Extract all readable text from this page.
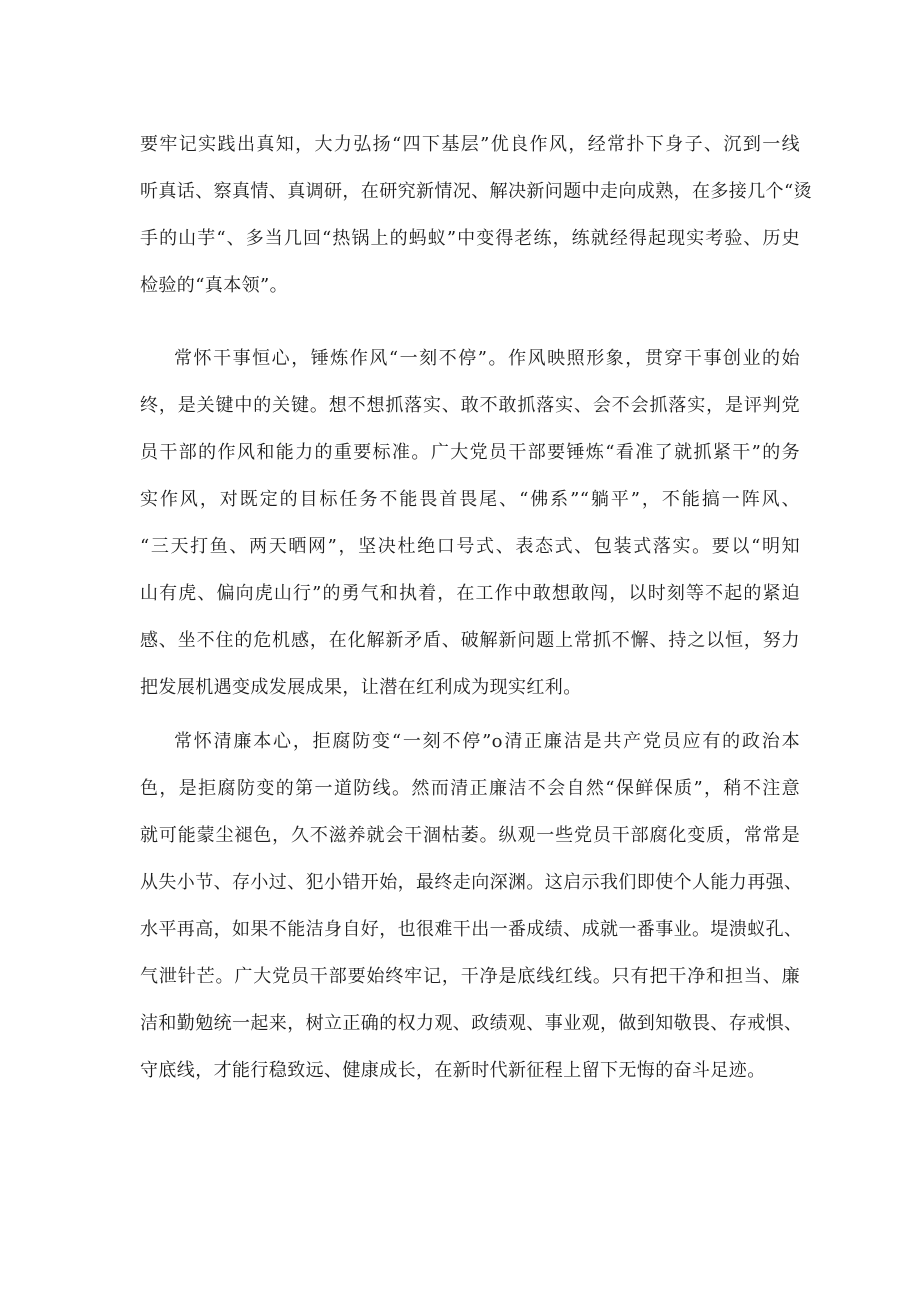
要牢记实践出真知，大力弘扬“四下基层”优良作风，经常扑下身子、沉到一线
听真话、察真情、真调研，在研究新情况、解决新问题中走向成熟，在多接几个“烫
手的山芋“、多当几回“热锅上的蚂蚁”中变得老练，练就经得起现实考验、历史
检验的“真本领”。
常怀干事恒心，锤炼作风“一刻不停”。作风映照形象，贯穿干事创业的始
终，是关键中的关键。想不想抓落实、敢不敢抓落实、会不会抓落实，是评判党
员干部的作风和能力的重要标准。广大党员干部要锤炼“看准了就抓紧干”的务
实作风，对既定的目标任务不能畏首畏尾、“佛系”“躺平”，不能搞一阵风、
“三天打鱼、两天晒网”，坚决杜绝口号式、表态式、包装式落实。要以“明知
山有虎、偏向虎山行”的勇气和执着，在工作中敢想敢闯，以时刻等不起的紧迫
感、坐不住的危机感，在化解新矛盾、破解新问题上常抓不懈、持之以恒，努力
把发展机遇变成发展成果，让潜在红利成为现实红利。
常怀清廉本心，拒腐防变“一刻不停”o清正廉洁是共产党员应有的政治本
色，是拒腐防变的第一道防线。然而清正廉洁不会自然“保鲜保质”，稍不注意
就可能蒙尘褪色，久不滋养就会干涸枯萎。纵观一些党员干部腐化变质，常常是
从失小节、存小过、犯小错开始，最终走向深渊。这启示我们即使个人能力再强、
水平再高，如果不能洁身自好，也很难干出一番成绩、成就一番事业。堤溃蚁孔、
气泄针芒。广大党员干部要始终牢记，干净是底线红线。只有把干净和担当、廉
洁和勤勉统一起来，树立正确的权力观、政绩观、事业观，做到知敬畏、存戒惧、
守底线，才能行稳致远、健康成长，在新时代新征程上留下无悔的奋斗足迹。
